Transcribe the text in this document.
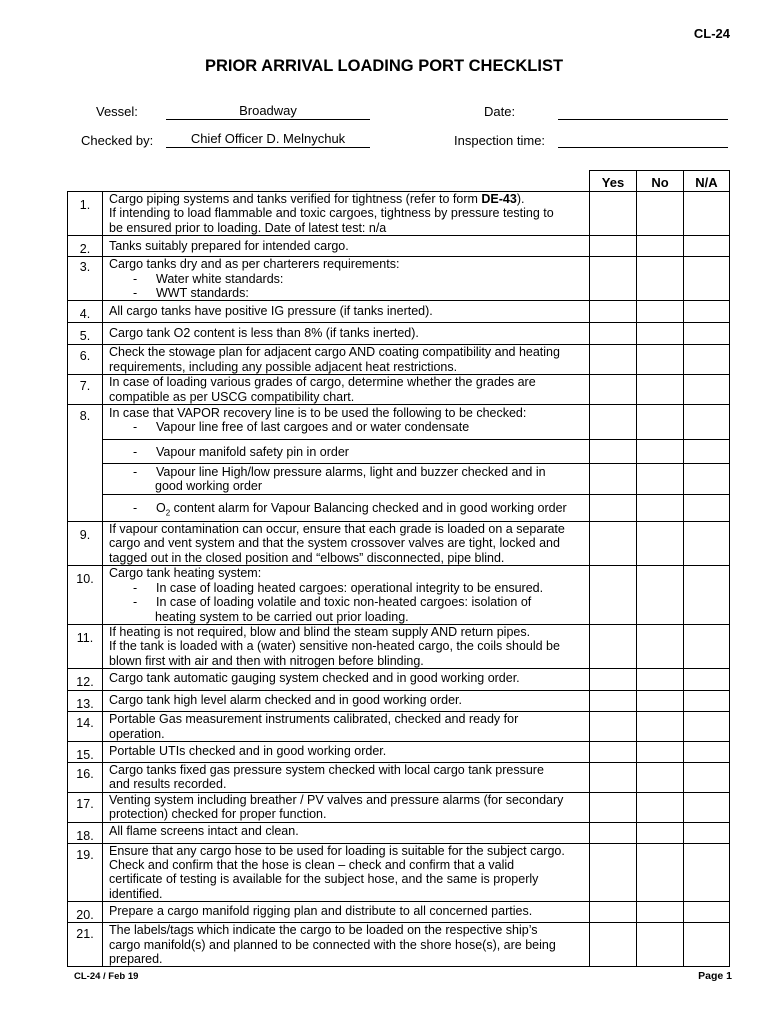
CL-24
PRIOR ARRIVAL LOADING PORT CHECKLIST
Vessel:	Broadway	Date:
Checked by:	Chief Officer D. Melnychuk	Inspection time:
Yes	No	N/A
1.	Cargo piping systems and tanks verified for tightness (refer to form DE-43).
If intending to load flammable and toxic cargoes, tightness by pressure testing to
be ensured prior to loading. Date of latest test: n/a			

2.	Tanks suitably prepared for intended cargo.			
3.	Cargo tanks dry and as per charterers requirements:
- Water white standards:
- WWT standards:			

4.	All cargo tanks have positive IG pressure (if tanks inerted).			
5.	Cargo tank O2 content is less than 8% (if tanks inerted).			
6.	Check the stowage plan for adjacent cargo AND coating compatibility and heating
requirements, including any possible adjacent heat restrictions.			

7.	In case of loading various grades of cargo, determine whether the grades are
compatible as per USCG compatibility chart.			

8.	In case that VAPOR recovery line is to be used the following to be checked:
- Vapour line free of last cargoes and or water condensate			

	- Vapour manifold safety pin in order			

	- Vapour line High/low pressure alarms, light and buzzer checked and in
good working order			

	- $O_2$ content alarm for Vapour Balancing checked and in good working order			

9.	If vapour contamination can occur, ensure that each grade is loaded on a separate
cargo and vent system and that the system crossover valves are tight, locked and
tagged out in the closed position and “elbows” disconnected, pipe blind.			

10.	Cargo tank heating system:
- In case of loading heated cargoes: operational integrity to be ensured.
- In case of loading volatile and toxic non-heated cargoes: isolation of
heating system to be carried out prior loading.			

11.	If heating is not required, blow and blind the steam supply AND return pipes.
If the tank is loaded with a (water) sensitive non-heated cargo, the coils should be
blown first with air and then with nitrogen before blinding.			

12.	Cargo tank automatic gauging system checked and in good working order.			
13.	Cargo tank high level alarm checked and in good working order.			
14.	Portable Gas measurement instruments calibrated, checked and ready for
operation.			

15.	Portable UTIs checked and in good working order.			
16.	Cargo tanks fixed gas pressure system checked with local cargo tank pressure
and results recorded.			

17.	Venting system including breather / PV valves and pressure alarms (for secondary
protection) checked for proper function.			

18.	All flame screens intact and clean.			
19.	Ensure that any cargo hose to be used for loading is suitable for the subject cargo.
Check and confirm that the hose is clean – check and confirm that a valid
certificate of testing is available for the subject hose, and the same is properly
identified.			

20.	Prepare a cargo manifold rigging plan and distribute to all concerned parties.			
21.	The labels/tags which indicate the cargo to be loaded on the respective ship’s
cargo manifold(s) and planned to be connected with the shore hose(s), are being
prepared.			

CL-24 / Feb 19	Page 1
